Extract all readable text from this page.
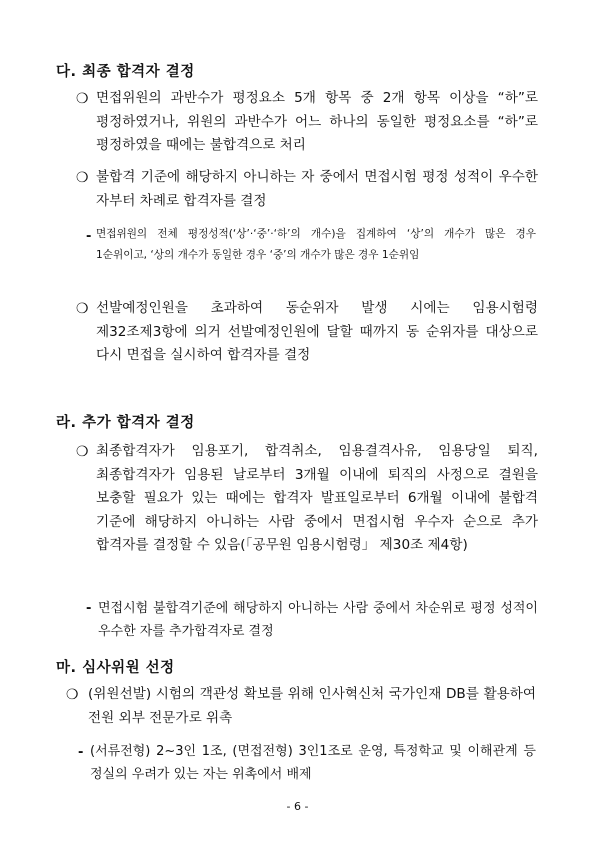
다. 최종 합격자 결정
❍ 면접위원의 과반수가 평정요소 5개 항목 중 2개 항목 이상을 “하”로 평정하였거나, 위원의 과반수가 어느 하나의 동일한 평정요소를 “하”로 평정하였을 때에는 불합격으로 처리
❍ 불합격 기준에 해당하지 아니하는 자 중에서 면접시험 평정 성적이 우수한 자부터 차례로 합격자를 결정
- 면접위원의 전체 평정성적(‘상’·‘중’·‘하’의 개수)을 집계하여 ‘상’의 개수가 많은 경우 1순위이고, ‘상의 개수가 동일한 경우 ‘중’의 개수가 많은 경우 1순위임
❍ 선발예정인원을 초과하여 동순위자 발생 시에는 임용시험령 제32조제3항에 의거 선발예정인원에 달할 때까지 동 순위자를 대상으로 다시 면접을 실시하여 합격자를 결정
라. 추가 합격자 결정
❍ 최종합격자가 임용포기, 합격취소, 임용결격사유, 임용당일 퇴직, 최종합격자가 임용된 날로부터 3개월 이내에 퇴직의 사정으로 결원을 보충할 필요가 있는 때에는 합격자 발표일로부터 6개월 이내에 불합격 기준에 해당하지 아니하는 사람 중에서 면접시험 우수자 순으로 추가 합격자를 결정할 수 있음(「공무원 임용시험령」 제30조 제4항)
- 면접시험 불합격기준에 해당하지 아니하는 사람 중에서 차순위로 평정 성적이 우수한 자를 추가합격자로 결정
마. 심사위원 선정
❍ (위원선발) 시험의 객관성 확보를 위해 인사혁신처 국가인재 DB를 활용하여 전원 외부 전문가로 위촉
- (서류전형) 2~3인 1조, (면접전형) 3인1조로 운영, 특정학교 및 이해관계 등 정실의 우려가 있는 자는 위촉에서 배제
- 6 -
